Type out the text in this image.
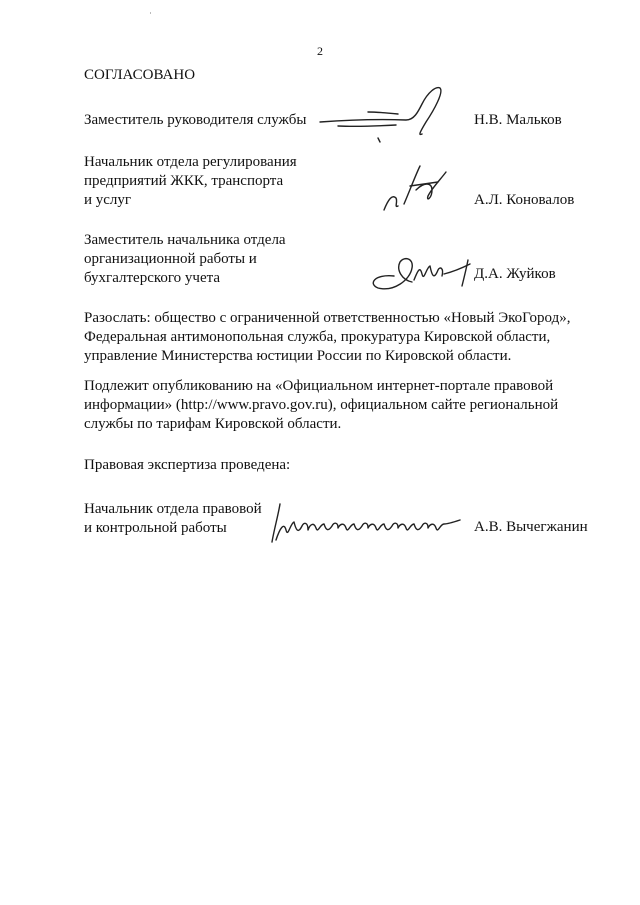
2
СОГЛАСОВАНО
Заместитель руководителя службы	Н.В. Мальков
Начальник отдела регулирования
предприятий ЖКК, транспорта
и услуг	А.Л. Коновалов
Заместитель начальника отдела
организационной работы и
бухгалтерского учета	Д.А. Жуйков
Разослать: общество с ограниченной ответственностью «Новый ЭкоГород»,
Федеральная антимонопольная служба, прокуратура Кировской области,
управление Министерства юстиции России по Кировской области.
Подлежит опубликованию на «Официальном интернет-портале правовой
информации» (http://www.pravo.gov.ru), официальном сайте региональной
службы по тарифам Кировской области.
Правовая экспертиза проведена:
Начальник отдела правовой
и контрольной работы	А.В. Вычегжанин
